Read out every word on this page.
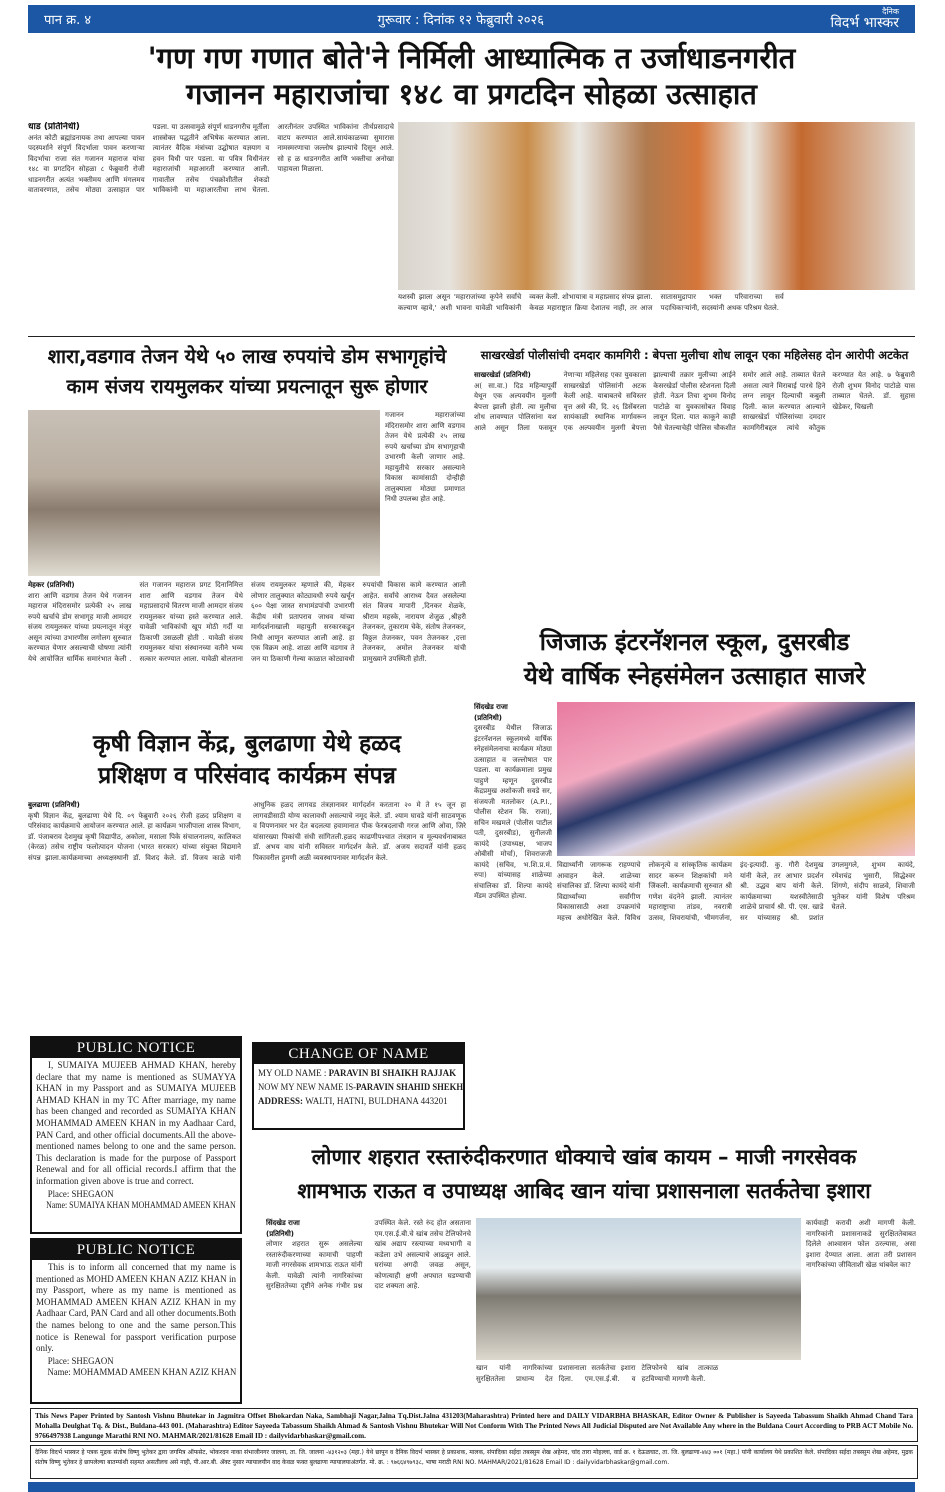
पान क्र. ४	गुरूवार : दिनांक १२ फेब्रुवारी २०२६
दैनिक
विदर्भ भास्कर
'गण गण गणात बोते'ने निर्मिली आध्यात्मिक त उर्जाधाडनगरीत
गजानन महाराजांचा १४८ वा प्रगटदिन सोहळा उत्साहात
धाड (प्रतिनिधी)
अनंत कोटी ब्रह्मांडनायक तथा आपल्या पावन पदस्पर्शाने संपूर्ण विदर्भाला पावन करणाऱ्या विदर्भाचा राजा संत गजानन महाराज यांचा १४८ वा प्रगटदिन सोहळा ८ फेब्रुवारी रोजी धाडनगरीत अत्यंत भक्तीमय आणि मंगलमय वातावरणात, तसेच मोठ्या उत्साहात पार पडला. या उत्सवामुळे संपूर्ण धाडनगरीच मूर्तीला शास्त्रोक्त पद्धतीने अभिषेक करण्यात आला. त्यानंतर वैदिक मंत्रांच्या उद्घोषात यज्ञयाग व हवन विधी पार पडला. या पवित्र विधीनंतर महाराजांची महाआरती करण्यात आली. गावातील तसेच पंचक्रोशीतील शेकडो भाविकांनी या महाआरतीचा लाभ घेतला. आरतीनंतर उपस्थित भाविकांना तीर्थप्रसादाचे वाटप करण्यात आले.सायंकाळच्या सुमारास नामस्मरणाचा जल्लोष झाल्याचे दिसून आले. सो ह ळ धाडनगरीत आणि भक्तीचा अनोखा पाहायला मिळाला.
यशस्वी झाला असून 'महाराजांच्या कृपेने सर्वांचे कल्याण व्हावे,' अशी भावना यावेळी भाविकांनी व्यक्त केली. शोभायात्रा व महाप्रसाद संपन्न झाला. केवळ महाराष्ट्रात क्रिया देशातच नाही, तर आज सातासमुद्रापार भक्त परिवाराच्या सर्व पदाधिकाऱ्यांनी, सदस्यांनी अथक परिश्रम घेतले.
शारा,वडगाव तेजन येथे ५० लाख रुपयांचे डोम सभागृहांचे
काम संजय रायमुलकर यांच्या प्रयत्नातून सुरू होणार
गजानन महाराजांच्या मंदिरासमोर शारा आणि वडगाव तेजन येथे प्रत्येकी २५ लाख रुपये खर्चाच्या डोम सभागृहाची उभारणी केली जाणार आहे. महायुतीचे सरकार असल्याने विकास कामांसाठी दोन्हीही तालुक्याला मोठ्या प्रमाणात निधी उपलब्ध होत आहे.
मेहकर (प्रतिनिधी)
शारा आणि वडगाव तेजन येथे गजानन महाराज मंदिरासमोर प्रत्येकी २५ लाख रुपये खर्चाचे डोम सभागृह माजी आमदार संजय रायमुलकर यांच्या प्रयत्नातून मंजूर असून त्यांच्या उभारणीस लगोलग सुरुवात करण्यात येणार असल्याची घोषणा त्यांनी येथे आयोजित धार्मिक समारंभात केली . संत गजानन महाराज प्रगट दिनानिमित्त शारा आणि वडगाव तेजन येथे महाप्रसादाचे वितरण माजी आमदार संजय रायमुलकर यांच्या हस्ते करण्यात आले. यावेळी भाविकांची खूप मोठी गर्दी या ठिकाणी उसळली होती . यावेळी संजय रायमुलकर यांचा संस्थानच्या वतीने भव्य सत्कार करण्यात आला. यावेळी बोलताना संजय रायमुलकर म्हणाले की, मेहकर लोणार तालुक्यात कोट्यावधी रुपये खर्चून ६०० पेक्षा जास्त सभामंडपांची उभारणी केंद्रीय मंत्री प्रतापराव जाधव यांच्या मार्गदर्शनाखाली महायुती सरकारकडून निधी आणून करण्यात आली आहे. हा एक विक्रम आहे. शाळा आणि वडगाव ते जन या ठिकाणी गेल्या काळात कोट्यावधी रुपयांची विकास कामे करण्यात आली आहेत. सर्वांचे आराध्य दैवत असलेल्या संत विजय मापारी ,दिनकर शेळके, श्रीराम महस्के, नारायण शेजुळ ,श्रीहरी तेजनकर, तुकाराम चेके, संतोष तेजनकर, विठ्ठल तेजनकर, पवन तेजनकर ,दत्ता तेजनकर, अमोल तेजनकर यांची प्रामुख्याने उपस्थिती होती.
साखरखेर्डा पोलीसांची दमदार कामगिरी : बेपत्ता मुलीचा शोध लावून एका महिलेसह दोन आरोपी अटकेत
साखरखेर्डा (प्रतिनिधी)
अ( सा.वा.) दिड महिन्यापूर्वी येथून एक अल्पवयीन मुलगी बेपत्ता झाली होती. त्या मुलीचा शोध लावण्यात पोलिसांना यश आले असून तिला फसवून नेणाऱ्या महिलेसह एका युवकाला साखरखेर्डा पोलिसांनी अटक केली आहे. याबाबतचे सविस्तर वृत्त असे की, दि. २६ डिसेंबरला सायंकाळी स्थानिक मार्गावरून एक अल्पवयीन मुलगी बेपत्ता झाल्याची तक्रार मुलीच्या आईने केसरखेर्डा पोलीस स्टेशनला दिली होती. नेऊन तिचा शुभम विनोद पाटोळे या युवकासोबत विवाह लावून दिला. यात काकूने काही पैसे घेतल्याचेही पोलिस चौकशीत समोर आले आहे. ताब्यात घेतले असता त्याने मिराबाई पारधे हिने लग्न लावून दिल्याची कबुली दिली. काल करण्यात आल्याने साखरखेर्डा पोलिसांच्या दमदार कामगिरीबद्दल त्यांचे कौतुक करण्यात येत आहे. ७ फेब्रुवारी रोजी शुभम विनोद पाटोळे यास ताब्यात घेतले. डॉ. सुहास खेडेकर, चिखली
जिजाऊ इंटरनॅशनल स्कूल, दुसरबीड
येथे वार्षिक स्नेहसंमेलन उत्साहात साजरे
सिंदखेड राजा
(प्रतिनिधी)
दुसरबीड येथील जिजाऊ इंटरनॅशनल स्कूलमध्ये वार्षिक स्नेहसंमेलनाचा कार्यक्रम मोठ्या उत्साहात व जल्लोषात पार पडला. या कार्यक्रमाला प्रमुख पाहुणे म्हणून दुसरबीड केंद्रप्रमुख अशोकजी सवडे सर, संजयजी मतलोकर (A.P.I., पोलीस स्टेशन कि. राजा), सचिन मखमले (पोलीस पाटील पती, दुसरबीड), सुनीलजी कायंदे (उपाध्यक्ष, भाजप ओबीसी मोर्चा), शिवराजजी कायंदे (सचिव, भ.शि.प्र.मं. रुपा) यांच्यासह शाळेच्या संचालिका डॉ. शिल्पा कायंदे मॅडम उपस्थित होत्या.
विद्यार्थ्यांनी जागरूक राहण्याचे आवाहन केले. शाळेच्या संचालिका डॉ. शिल्पा कायंदे यांनी विद्यार्थ्यांच्या सर्वांगीण विकासासाठी अशा उपक्रमांचे महत्त्व अधोरेखित केले. विविध लोकनृत्ये व सांस्कृतिक कार्यक्रम सादर करून शिक्षकांची मने जिंकली. कार्यक्रमाची सुरुवात श्री गणेश वंदनेने झाली. त्यानंतर महाराष्ट्राचा तांडव, नवरात्री उत्सव, शिवरायांची, भीमगर्जना, इंद-इत्यादी. कु. गौरी देशमुख यांनी केले, तर आभार प्रदर्शन श्री. उद्धव बाप यांनी केले. कार्यक्रमाच्या यशस्वीतेसाठी शाळेचे प्राचार्य श्री. पी. एस. खाडे सर यांच्यासह श्री. प्रशांत उगलमुगले, शुभम कायंदे, रमेशचंद्र भुसारी, सिद्धेश्वर शिंगणे, संदीप साळवे, शिवाजी भुतेकर यांनी विशेष परिश्रम घेतले.
कृषी विज्ञान केंद्र, बुलढाणा येथे हळद
प्रशिक्षण व परिसंवाद कार्यक्रम संपन्न
बुलढाणा (प्रतिनिधी)
कृषी विज्ञान केंद्र, बुलढाणा येथे दि. ०९ फेब्रुवारी २०२६ रोजी हळद प्रशिक्षण व परिसंवाद कार्यक्रमाचे आयोजन करण्यात आले. हा कार्यक्रम भाजीपाला शास्त्र विभाग, डॉ. पंजाबराव देशमुख कृषी विद्यापीठ, अकोला, मसाला पिके संचालनालय, कालिकत (केरळ) तसेच राष्ट्रीय फलोत्पादन योजना (भारत सरकार) यांच्या संयुक्त विद्यमाने संपन्न झाला.कार्यक्रमाच्या अध्यक्षस्थानी डॉ. विशद केले. डॉ. विजय काळे यांनी आधुनिक हळद लागवड तंत्रज्ञानावर मार्गदर्शन करताना २० मे ते १५ जून हा लागवडीसाठी योग्य कालावधी असल्याचे नमूद केले. डॉ. श्याम घावडे यांनी साठवणूक व विपणनावर भर देत बदलत्या हवामानात पीक फेरबदलाची गरज आणि ओवा, जिरे यांसारख्या पिकांची संधी सांगितली.हळद काढणीपश्चात तंत्रज्ञान व मूल्यवर्धनाबाबत डॉ. अभय वाघ यांनी सविस्तर मार्गदर्शन केले. डॉ. अजय सदावर्ते यांनी हळद पिकावरील हुमणी अळी व्यवस्थापनावर मार्गदर्शन केले.
PUBLIC NOTICE

I, SUMAIYA MUJEEB AHMAD KHAN, hereby declare that my name is mentioned as SUMAYYA KHAN in my Passport and as SUMAIYA MUJEEB AHMAD KHAN in my TC After marriage, my name has been changed and recorded as SUMAIYA KHAN MOHAMMAD AMEEN KHAN in my Aadhaar Card, PAN Card, and other official documents.All the above-mentioned names belong to one and the same person. This declaration is made for the purpose of Passport Renewal and for all official records.I affirm that the information given above is true and correct.

Place: SHEGAON
Name: SUMAIYA KHAN MOHAMMAD AMEEN KHAN
CHANGE OF NAME
MY OLD NAME : PARAVIN BI SHAIKH RAJJAK
NOW MY NEW NAME IS-PARAVIN SHAHID SHEKH
ADDRESS: WALTI, HATNI, BULDHANA 443201
लोणार शहरात रस्तारुंदीकरणात धोक्याचे खांब कायम – माजी नगरसेवक
शामभाऊ राऊत व उपाध्यक्ष आबिद खान यांचा प्रशासनाला सतर्कतेचा इशारा
सिंदखेड राजा
(प्रतिनिधी)
लोणार शहरात सुरू असलेल्या रस्तारुंदीकरणाच्या कामाची पाहणी माजी नगरसेवक शामभाऊ राऊत यांनी केली. यावेळी त्यांनी नागरिकांच्या सुरक्षिततेच्या दृष्टीने अनेक गंभीर प्रश्न उपस्थित केले. रस्ते रुंद होत असताना एम.एस.ई.बी.चे खांब तसेच टेलिफोनचे खांब अद्याप रस्त्याच्या मध्यभागी व कडेला उभे असल्याचे आढळून आले. घरांच्या अगदी जवळ असून, कोणत्याही क्षणी अपघात घडण्याची दाट शक्यता आहे.
खान यांनी नागरिकांच्या सुरक्षिततेला प्राधान्य देत प्रशासनाला सतर्कतेचा इशारा दिला. एम.एस.ई.बी. व टेलिफोनचे खांब तात्काळ हटविण्याची मागणी केली.
कार्यवाही करावी अशी मागणी केली. नागरिकांनी प्रशासनाकडे सुरक्षिततेबाबत दिलेले आश्वासन फोल ठरल्यास, असा इशारा देण्यात आला. आता तरी प्रशासन नागरिकांच्या जीविताशी खेळ थांबवेल का?
PUBLIC NOTICE

This is to inform all concerned that my name is mentioned as MOHD AMEEN KHAN AZIZ KHAN in my Passport, where as my name is mentioned as MOHAMMAD AMEEN KHAN AZIZ KHAN in my Aadhaar Card, PAN Card and all other documents.Both the names belong to one and the same person.This notice is Renewal for passport verification purpose only.

Place: SHEGAON
Name: MOHAMMAD AMEEN KHAN AZIZ KHAN
This News Paper Printed by Santosh Vishnu Bhutekar in Jagmitra Offset Bhokardan Naka, Sambhaji Nagar,Jalna Tq.Dist.Jalna 431203(Maharashtra) Printed here and DAILY VIDARBHA BHASKAR, Editor Owner & Publisher is Sayeeda Tabassum Shaikh Ahmad Chand Tara Mohalla Deulghat Tq. & Dist., Buldana-443 001. (Maharashtra) Editor Sayeeda Tabassum Shaikh Ahmad & Santosh Vishnu Bhutekar Will Not Conform With The Printed News All Judicial Disputed are Not Available Any where in the Buldana Court According to PRB ACT Mobile No. 9766497938 Langunge Marathi RNI NO. MAHMAR/2021/81628 Email ID : dailyvidarbhaskar@gmail.com.
दैनिक विदर्भ भास्कर हे पत्रक मुद्रक संतोष विष्णु भुतेकर द्वारा जगमित्र ऑफसेट, भोकरदन नाका संभाजीनगर जालना, ता. जि. जालना -४३१२०३ (महा.) येथे छापून व दैनिक विदर्भ भास्कर हे प्रकाशक, मालक, संपादिका सईदा तबस्सुम शेख अहेमद, चांद तारा मोहल्ला, वार्ड क्र. १ देऊळघाट, ता. जि. बुलढाणा-४४३ ००१ (महा.) यांनी कार्यालय येथे प्रकाशित केले. संपादिका सईदा तबस्सुम शेख अहेमद, मुद्रक संतोष विष्णु भुतेकर हे छापलेल्या बातम्यांशी सहमत असतीलच असे नाही, पी.आर.बी. ॲक्ट नुसार न्यायालयीन वाद केवळ फक्त बुलढाणा न्यायालयाअंतर्गत. मो. क्र. : ९७६६४९७९३८, भाषा मराठी RNI NO. MAHMAR/2021/81628 Email ID : dailyvidarbhaskar@gmail.com.
